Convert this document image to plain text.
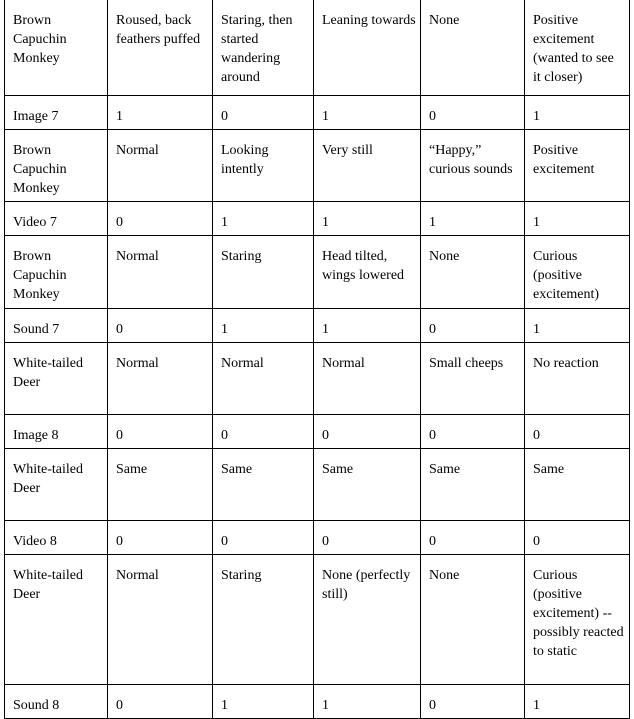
Brown Capuchin Monkey	Roused, back feathers puffed	Staring, then started wandering around	Leaning towards	None	Positive excitement (wanted to see it closer)
Image 7	1	0	1	0	1
Brown Capuchin Monkey	Normal	Looking intently	Very still	“Happy,” curious sounds	Positive excitement
Video 7	0	1	1	1	1
Brown Capuchin Monkey	Normal	Staring	Head tilted, wings lowered	None	Curious (positive excitement)
Sound 7	0	1	1	0	1
White-tailed Deer	Normal	Normal	Normal	Small cheeps	No reaction
Image 8	0	0	0	0	0
White-tailed Deer	Same	Same	Same	Same	Same
Video 8	0	0	0	0	0
White-tailed Deer	Normal	Staring	None (perfectly still)	None	Curious (positive excitement) --possibly reacted to static
Sound 8	0	1	1	0	1
